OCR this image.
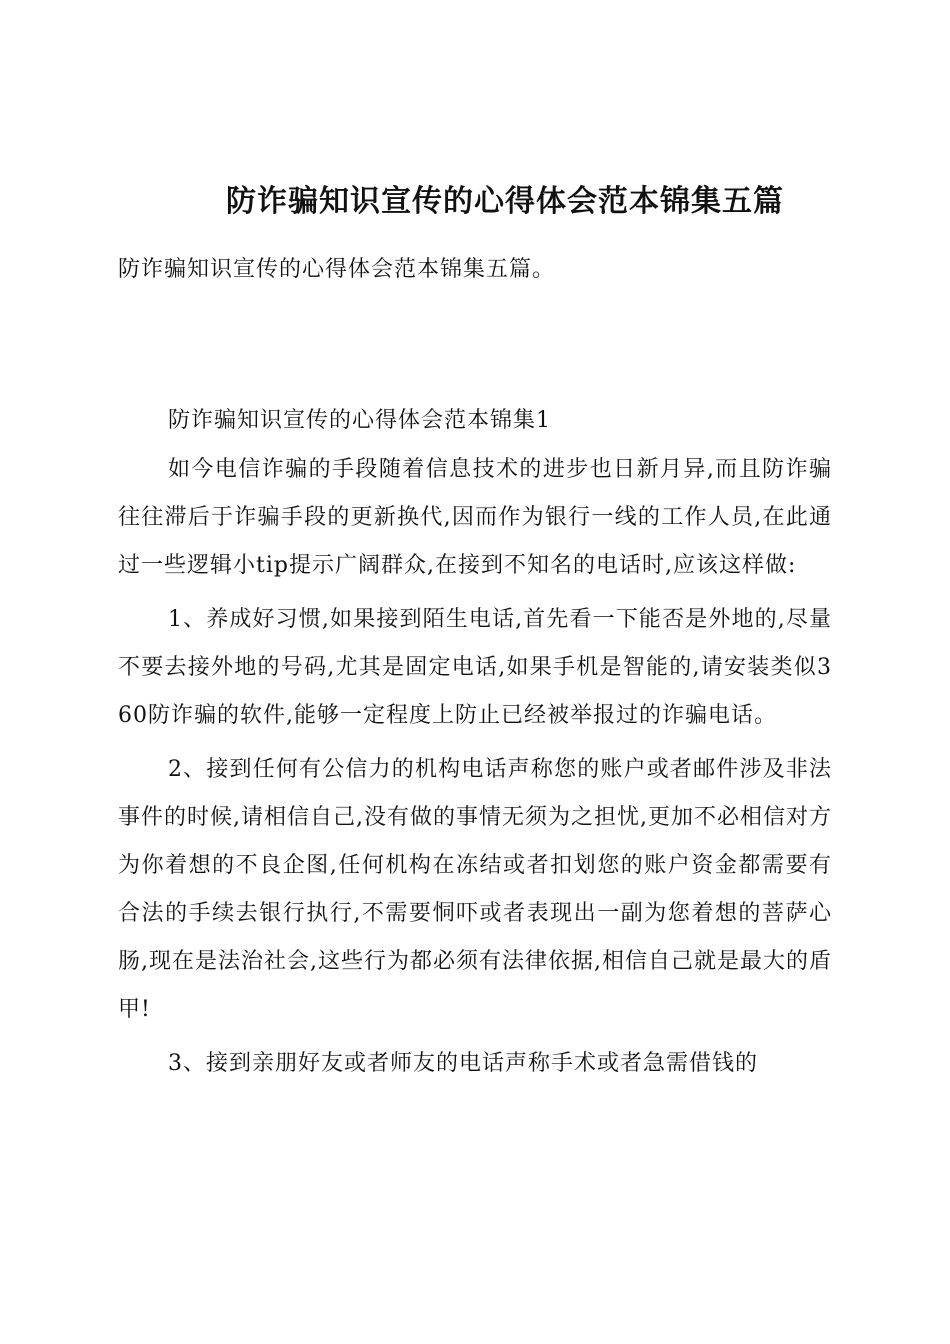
防诈骗知识宣传的心得体会范本锦集五篇

防诈骗知识宣传的心得体会范本锦集五篇。

防诈骗知识宣传的心得体会范本锦集1

如今电信诈骗的手段随着信息技术的进步也日新月异,而且防诈骗往往滞后于诈骗手段的更新换代,因而作为银行一线的工作人员,在此通过一些逻辑小tip提示广阔群众,在接到不知名的电话时,应该这样做:

1、养成好习惯,如果接到陌生电话,首先看一下能否是外地的,尽量不要去接外地的号码,尤其是固定电话,如果手机是智能的,请安装类似360防诈骗的软件,能够一定程度上防止已经被举报过的诈骗电话。

2、接到任何有公信力的机构电话声称您的账户或者邮件涉及非法事件的时候,请相信自己,没有做的事情无须为之担忧,更加不必相信对方为你着想的不良企图,任何机构在冻结或者扣划您的账户资金都需要有合法的手续去银行执行,不需要恫吓或者表现出一副为您着想的菩萨心肠,现在是法治社会,这些行为都必须有法律依据,相信自己就是最大的盾甲!

3、接到亲朋好友或者师友的电话声称手术或者急需借钱的
